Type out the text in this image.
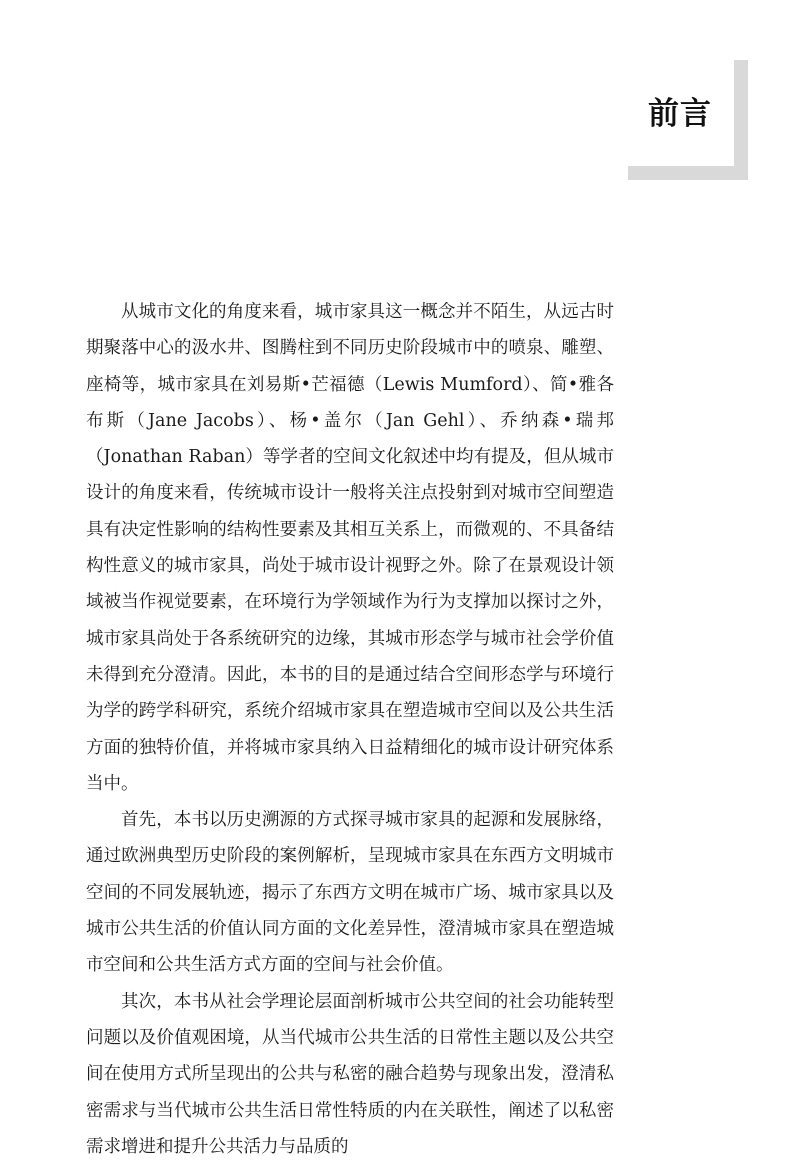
前言

从城市文化的角度来看，城市家具这一概念并不陌生，从远古时期聚落中心的汲水井、图腾柱到不同历史阶段城市中的喷泉、雕塑、座椅等，城市家具在刘易斯•芒福德（Lewis Mumford）、简•雅各布斯（Jane Jacobs）、杨•盖尔（Jan Gehl）、乔纳森•瑞邦（Jonathan Raban）等学者的空间文化叙述中均有提及，但从城市设计的角度来看，传统城市设计一般将关注点投射到对城市空间塑造具有决定性影响的结构性要素及其相互关系上，而微观的、不具备结构性意义的城市家具，尚处于城市设计视野之外。除了在景观设计领域被当作视觉要素，在环境行为学领域作为行为支撑加以探讨之外，城市家具尚处于各系统研究的边缘，其城市形态学与城市社会学价值未得到充分澄清。因此，本书的目的是通过结合空间形态学与环境行为学的跨学科研究，系统介绍城市家具在塑造城市空间以及公共生活方面的独特价值，并将城市家具纳入日益精细化的城市设计研究体系当中。

首先，本书以历史溯源的方式探寻城市家具的起源和发展脉络，通过欧洲典型历史阶段的案例解析，呈现城市家具在东西方文明城市空间的不同发展轨迹，揭示了东西方文明在城市广场、城市家具以及城市公共生活的价值认同方面的文化差异性，澄清城市家具在塑造城市空间和公共生活方式方面的空间与社会价值。

其次，本书从社会学理论层面剖析城市公共空间的社会功能转型问题以及价值观困境，从当代城市公共生活的日常性主题以及公共空间在使用方式所呈现出的公共与私密的融合趋势与现象出发，澄清私密需求与当代城市公共生活日常性特质的内在关联性，阐述了以私密需求增进和提升公共活力与品质的
